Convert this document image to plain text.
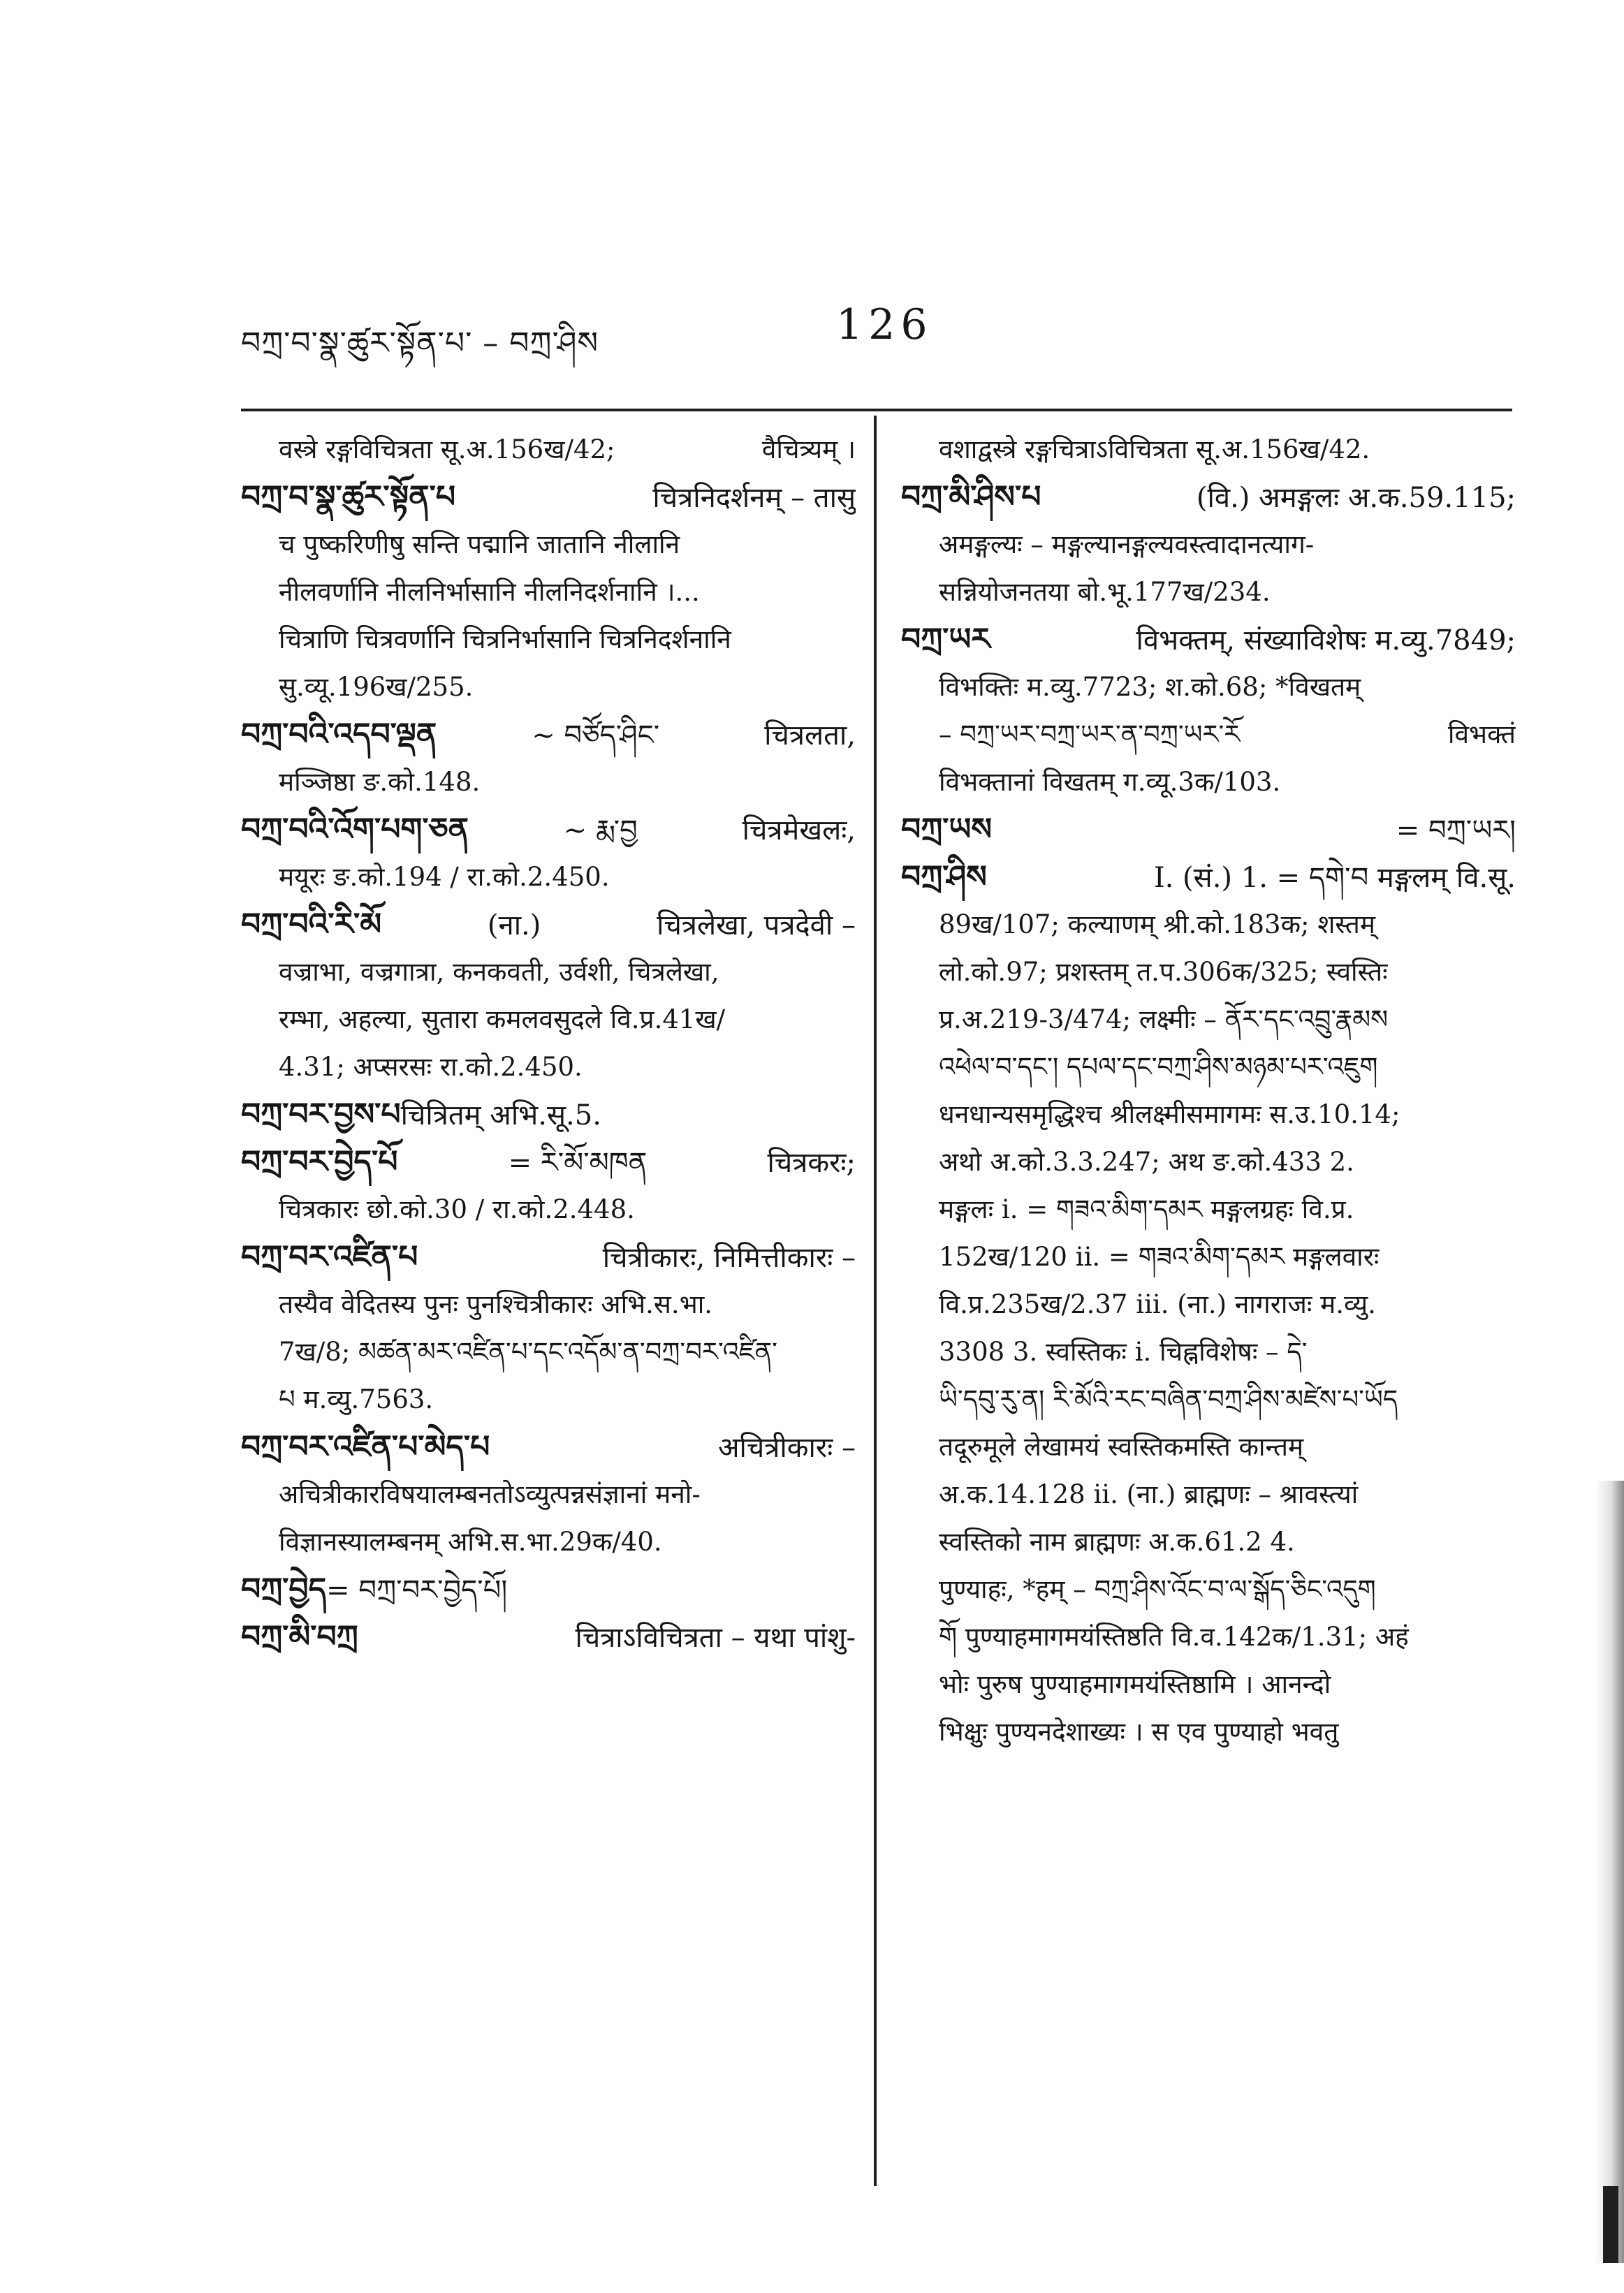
བཀྲ་བ་སྣ་ཚུར་སྟོན་པ་ – བཀྲ་ཤིས	126
वस्त्रे रङ्गविचित्रता सू.अ.156ख/42;	वैचित्र्यम् ।
བཀྲ་བ་སྣ་ཚུར་སྟོན་པ	चित्रनिदर्शनम् – तासु
च पुष्करिणीषु सन्ति पद्मानि जातानि नीलानि
नीलवर्णानि नीलनिर्भासानि नीलनिदर्शनानि ।...
चित्राणि चित्रवर्णानि चित्रनिर्भासानि चित्रनिदर्शनानि
सु.व्यू.196ख/255.
བཀྲ་བའི་འདབ་ལྡན	~ བཙོད་ཤིང་	चित्रलता,
मञ्जिष्ठा ङ.को.148.
བཀྲ་བའི་འོག་པག་ཅན	~ རྨ་བྱ	चित्रमेखलः,
मयूरः ङ.को.194 / रा.को.2.450.
བཀྲ་བའི་རི་མོ	(ना.)	चित्रलेखा, पत्रदेवी –
वज्राभा, वज्रगात्रा, कनकवती, उर्वशी, चित्रलेखा,
रम्भा, अहल्या, सुतारा कमलवसुदले वि.प्र.41ख/
4.31; अप्सरसः रा.को.2.450.
བཀྲ་བར་བྱས་པ चित्रितम् अभि.सू.5.
བཀྲ་བར་བྱེད་པོ	= རི་མོ་མཁན	चित्रकरः;
चित्रकारः छो.को.30 / रा.को.2.448.
བཀྲ་བར་འཛིན་པ	चित्रीकारः, निमित्तीकारः –
तस्यैव वेदितस्य पुनः पुनश्चित्रीकारः अभि.स.भा.
7ख/8; མཚན་མར་འཛིན་པ་དང་འདོམ་ན་བཀྲ་བར་འཛིན་
པ म.व्यु.7563.
བཀྲ་བར་འཛིན་པ་མེད་པ	अचित्रीकारः –
अचित्रीकारविषयालम्बनतोऽव्युत्पन्नसंज्ञानां मनो-
विज्ञानस्यालम्बनम् अभि.स.भा.29क/40.
བཀྲ་བྱེད = བཀྲ་བར་བྱེད་པོ།
བཀྲ་མི་བཀྲ	चित्राऽविचित्रता – यथा पांशु-
वशाद्वस्त्रे रङ्गचित्राऽविचित्रता सू.अ.156ख/42.
བཀྲ་མི་ཤིས་པ	(वि.) अमङ्गलः अ.क.59.115;
अमङ्गल्यः – मङ्गल्यानङ्गल्यवस्त्वादानत्याग-
सन्नियोजनतया बो.भू.177ख/234.
བཀྲ་ཡར	विभक्तम्, संख्याविशेषः म.व्यु.7849;
विभक्तिः म.व्यु.7723; श.को.68; *विखतम्
– བཀྲ་ཡར་བཀྲ་ཡར་ན་བཀྲ་ཡར་རོ	विभक्तं
विभक्तानां विखतम् ग.व्यू.3क/103.
བཀྲ་ཡས	= བཀྲ་ཡར།
བཀྲ་ཤིས	I. (सं.) 1. = དགེ་བ मङ्गलम् वि.सू.
89ख/107; कल्याणम् श्री.को.183क; शस्तम्
लो.को.97; प्रशस्तम् त.प.306क/325; स्वस्तिः
प्र.अ.219-3/474; लक्ष्मीः – ནོར་དང་འབྲུ་རྣམས
འཕེལ་བ་དང་། དཔལ་དང་བཀྲ་ཤིས་མཉམ་པར་འཇུག
धनधान्यसमृद्धिश्च श्रीलक्ष्मीसमागमः स.उ.10.14;
अथो अ.को.3.3.247; अथ ङ.को.433 2.
मङ्गलः i. = གཟའ་མིག་དམར मङ्गलग्रहः वि.प्र.
152ख/120 ii. = གཟའ་མིག་དམར मङ्गलवारः
वि.प्र.235ख/2.37 iii. (ना.) नागराजः म.व्यु.
3308 3. स्वस्तिकः i. चिह्नविशेषः – དེ་
ཡི་དབུ་རུ་ན། རི་མོའི་རང་བཞིན་བཀྲ་ཤིས་མཛེས་པ་ཡོད
तदूरुमूले लेखामयं स्वस्तिकमस्ति कान्तम्
अ.क.14.128 ii. (ना.) ब्राह्मणः – श्रावस्त्यां
स्वस्तिको नाम ब्राह्मणः अ.क.61.2 4.
पुण्याहः, *हम् – བཀྲ་ཤིས་འོང་བ་ལ་སྒོད་ཅིང་འདུག
གོ पुण्याहमागमयंस्तिष्ठति वि.व.142क/1.31; अहं
भोः पुरुष पुण्याहमागमयंस्तिष्ठामि । आनन्दो
भिक्षुः पुण्यनदेशाख्यः । स एव पुण्याहो भवतु
